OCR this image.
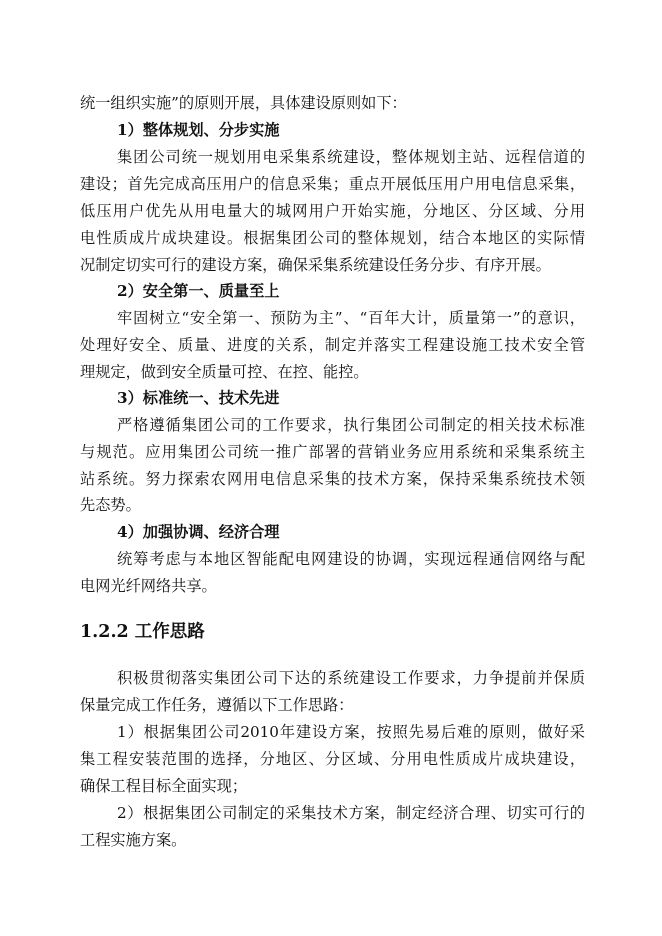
统一组织实施”的原则开展，具体建设原则如下：
1）整体规划、分步实施
集团公司统一规划用电采集系统建设，整体规划主站、远程信道的
建设；首先完成高压用户的信息采集；重点开展低压用户用电信息采集，
低压用户优先从用电量大的城网用户开始实施，分地区、分区域、分用
电性质成片成块建设。根据集团公司的整体规划，结合本地区的实际情
况制定切实可行的建设方案，确保采集系统建设任务分步、有序开展。
2）安全第一、质量至上
牢固树立“安全第一、预防为主”、“百年大计，质量第一”的意识，
处理好安全、质量、进度的关系，制定并落实工程建设施工技术安全管
理规定，做到安全质量可控、在控、能控。
3）标准统一、技术先进
严格遵循集团公司的工作要求，执行集团公司制定的相关技术标准
与规范。应用集团公司统一推广部署的营销业务应用系统和采集系统主
站系统。努力探索农网用电信息采集的技术方案，保持采集系统技术领
先态势。
4）加强协调、经济合理
统筹考虑与本地区智能配电网建设的协调，实现远程通信网络与配
电网光纤网络共享。
1.2.2 工作思路
积极贯彻落实集团公司下达的系统建设工作要求，力争提前并保质
保量完成工作任务，遵循以下工作思路：
1）根据集团公司2010年建设方案，按照先易后难的原则，做好采
集工程安装范围的选择，分地区、分区域、分用电性质成片成块建设，
确保工程目标全面实现；
2）根据集团公司制定的采集技术方案，制定经济合理、切实可行的
工程实施方案。
